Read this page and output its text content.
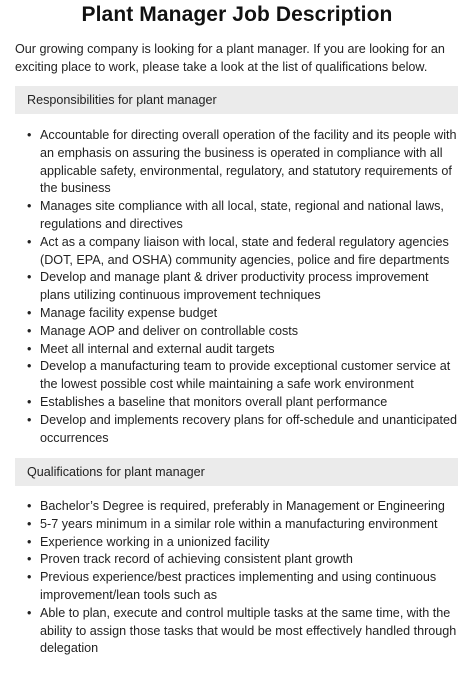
Plant Manager Job Description
Our growing company is looking for a plant manager. If you are looking for an exciting place to work, please take a look at the list of qualifications below.
Responsibilities for plant manager
• Accountable for directing overall operation of the facility and its people with an emphasis on assuring the business is operated in compliance with all applicable safety, environmental, regulatory, and statutory requirements of the business
• Manages site compliance with all local, state, regional and national laws, regulations and directives
• Act as a company liaison with local, state and federal regulatory agencies (DOT, EPA, and OSHA) community agencies, police and fire departments
• Develop and manage plant & driver productivity process improvement plans utilizing continuous improvement techniques
• Manage facility expense budget
• Manage AOP and deliver on controllable costs
• Meet all internal and external audit targets
• Develop a manufacturing team to provide exceptional customer service at the lowest possible cost while maintaining a safe work environment
• Establishes a baseline that monitors overall plant performance
• Develop and implements recovery plans for off-schedule and unanticipated occurrences
Qualifications for plant manager
• Bachelor’s Degree is required, preferably in Management or Engineering
• 5-7 years minimum in a similar role within a manufacturing environment
• Experience working in a unionized facility
• Proven track record of achieving consistent plant growth
• Previous experience/best practices implementing and using continuous improvement/lean tools such as
• Able to plan, execute and control multiple tasks at the same time, with the ability to assign those tasks that would be most effectively handled through delegation
